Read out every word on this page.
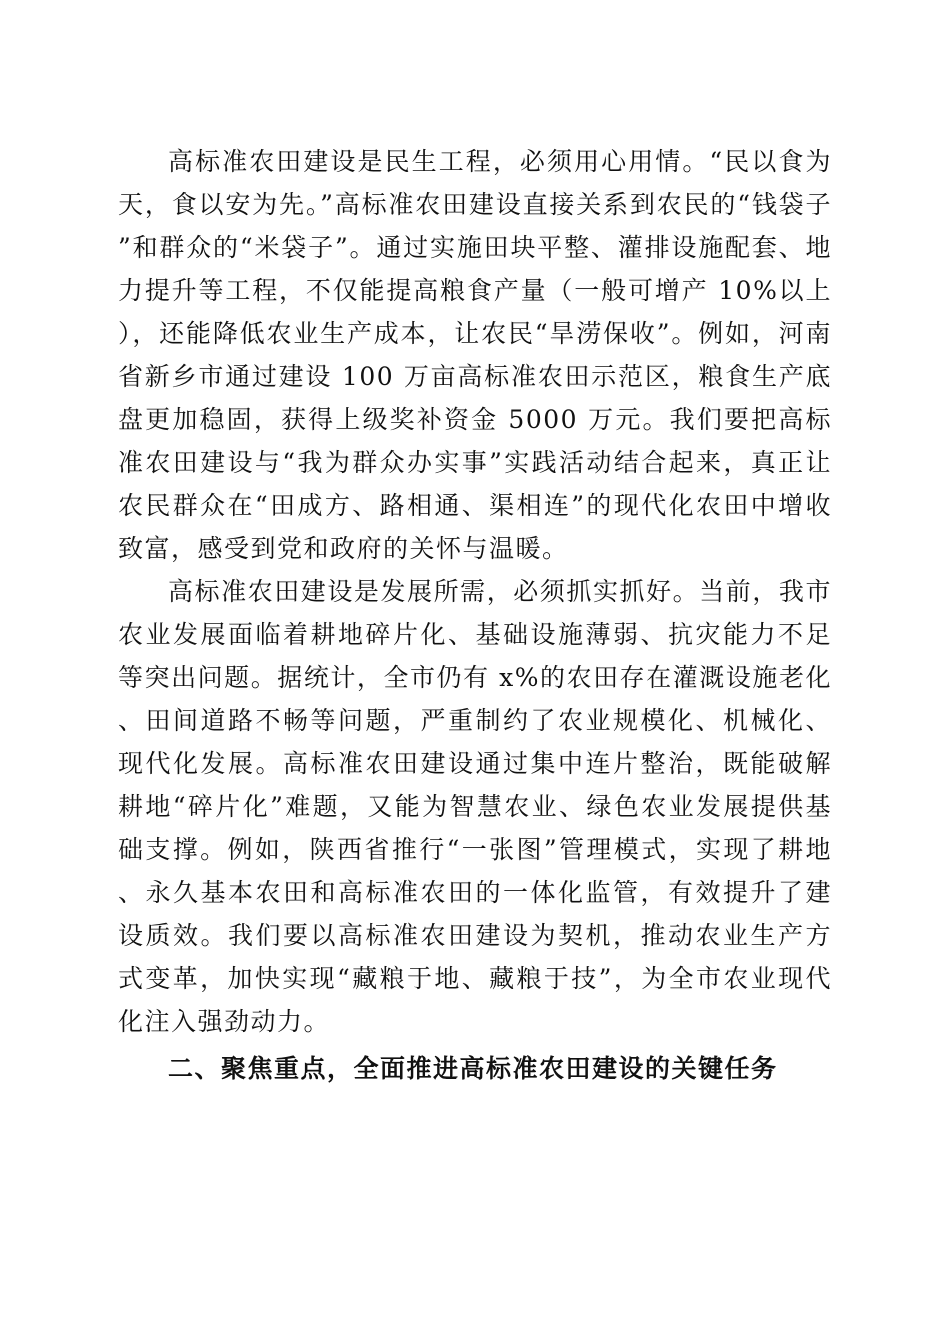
高标准农田建设是民生工程，必须用心用情。“民以食为天，食以安为先。”高标准农田建设直接关系到农民的“钱袋子”和群众的“米袋子”。通过实施田块平整、灌排设施配套、地力提升等工程，不仅能提高粮食产量（一般可增产 10%以上），还能降低农业生产成本，让农民“旱涝保收”。例如，河南省新乡市通过建设 100 万亩高标准农田示范区，粮食生产底盘更加稳固，获得上级奖补资金 5000 万元。我们要把高标准农田建设与“我为群众办实事”实践活动结合起来，真正让农民群众在“田成方、路相通、渠相连”的现代化农田中增收致富，感受到党和政府的关怀与温暖。

高标准农田建设是发展所需，必须抓实抓好。当前，我市农业发展面临着耕地碎片化、基础设施薄弱、抗灾能力不足等突出问题。据统计，全市仍有 x%的农田存在灌溉设施老化、田间道路不畅等问题，严重制约了农业规模化、机械化、现代化发展。高标准农田建设通过集中连片整治，既能破解耕地“碎片化”难题，又能为智慧农业、绿色农业发展提供基础支撑。例如，陕西省推行“一张图”管理模式，实现了耕地、永久基本农田和高标准农田的一体化监管，有效提升了建设质效。我们要以高标准农田建设为契机，推动农业生产方式变革，加快实现“藏粮于地、藏粮于技”，为全市农业现代化注入强劲动力。

二、聚焦重点，全面推进高标准农田建设的关键任务
